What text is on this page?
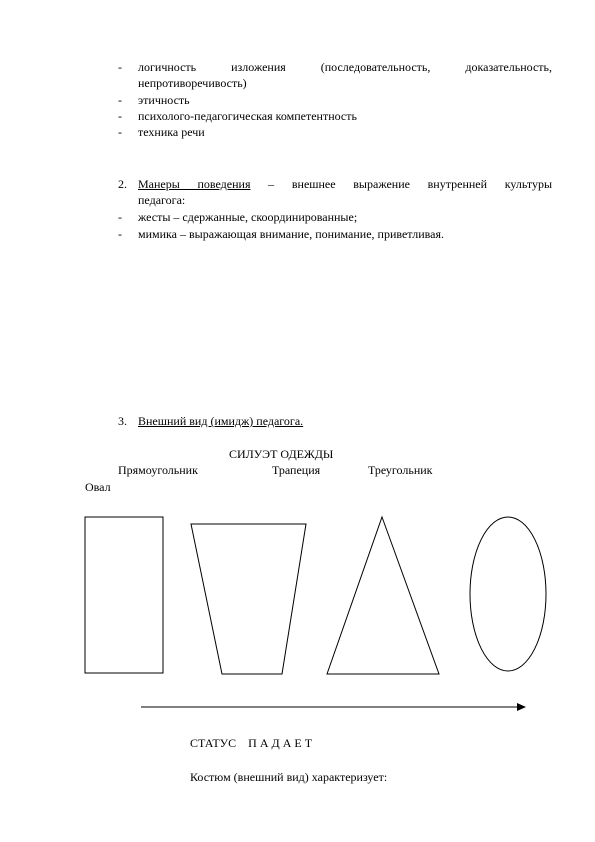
- логичность изложения (последовательность, доказательность,
непротиворечивость)
- этичность
- психолого-педагогическая компетентность
- техника речи
2. Манеры поведения – внешнее выражение внутренней культуры
педагога:
- жесты – сдержанные, скоординированные;
- мимика – выражающая внимание, понимание, приветливая.
3. Внешний вид (имидж) педагога.
СИЛУЭТ ОДЕЖДЫ
Прямоугольник	Трапеция	Треугольник
Овал
СТАТУС    П А Д А Е Т
Костюм (внешний вид) характеризует:
